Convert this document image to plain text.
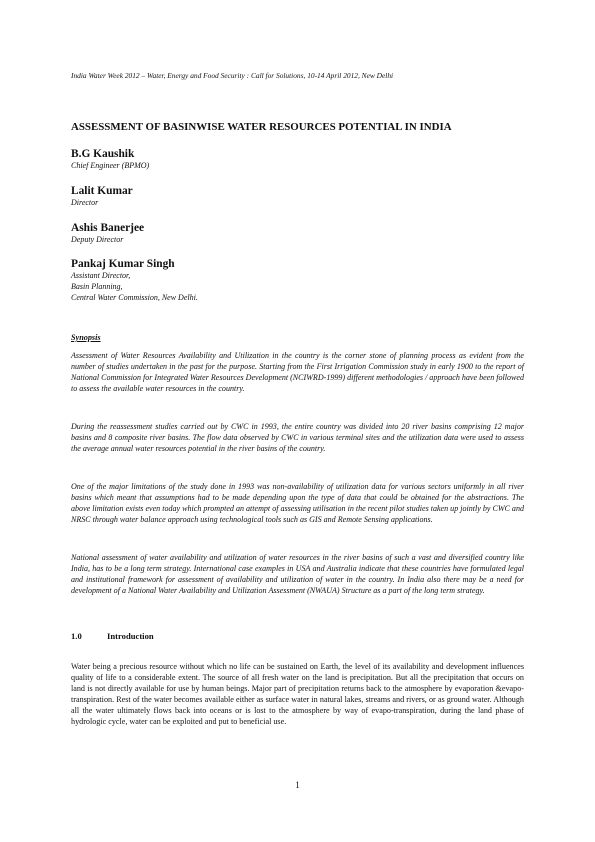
India Water Week 2012 – Water, Energy and Food Security : Call for Solutions, 10-14 April 2012, New Delhi
ASSESSMENT OF BASINWISE WATER RESOURCES POTENTIAL IN INDIA
B.G Kaushik
Chief Engineer (BPMO)
Lalit Kumar
Director
Ashis Banerjee
Deputy Director
Pankaj Kumar Singh
Assistant Director,
Basin Planning,
Central Water Commission, New Delhi.
Synopsis

Assessment of Water Resources Availability and Utilization in the country is the corner stone of planning process as evident from the number of studies undertaken in the past for the purpose. Starting from the First Irrigation Commission study in early 1900 to the report of National Commission for Integrated Water Resources Development (NCIWRD-1999) different methodologies / approach have been followed to assess the available water resources in the country.

During the reassessment studies carried out by CWC in 1993, the entire country was divided into 20 river basins comprising 12 major basins and 8 composite river basins. The flow data observed by CWC in various terminal sites and the utilization data were used to assess the average annual water resources potential in the river basins of the country.

One of the major limitations of the study done in 1993 was non-availability of utilization data for various sectors uniformly in all river basins which meant that assumptions had to be made depending upon the type of data that could be obtained for the abstractions. The above limitation exists even today which prompted an attempt of assessing utilisation in the recent pilot studies taken up jointly by CWC and NRSC through water balance approach using technological tools such as GIS and Remote Sensing applications.

National assessment of water availability and utilization of water resources in the river basins of such a vast and diversified country like India, has to be a long term strategy. International case examples in USA and Australia indicate that these countries have formulated legal and institutional framework for assessment of availability and utilization of water in the country. In India also there may be a need for development of a National Water Availability and Utilization Assessment (NWAUA) Structure as a part of the long term strategy.

1.0	Introduction

Water being a precious resource without which no life can be sustained on Earth, the level of its availability and development influences quality of life to a considerable extent. The source of all fresh water on the land is precipitation. But all the precipitation that occurs on land is not directly available for use by human beings. Major part of precipitation returns back to the atmosphere by evaporation &evapo-transpiration. Rest of the water becomes available either as surface water in natural lakes, streams and rivers, or as ground water. Although all the water ultimately flows back into oceans or is lost to the atmosphere by way of evapo-transpiration, during the land phase of hydrologic cycle, water can be exploited and put to beneficial use.

1
